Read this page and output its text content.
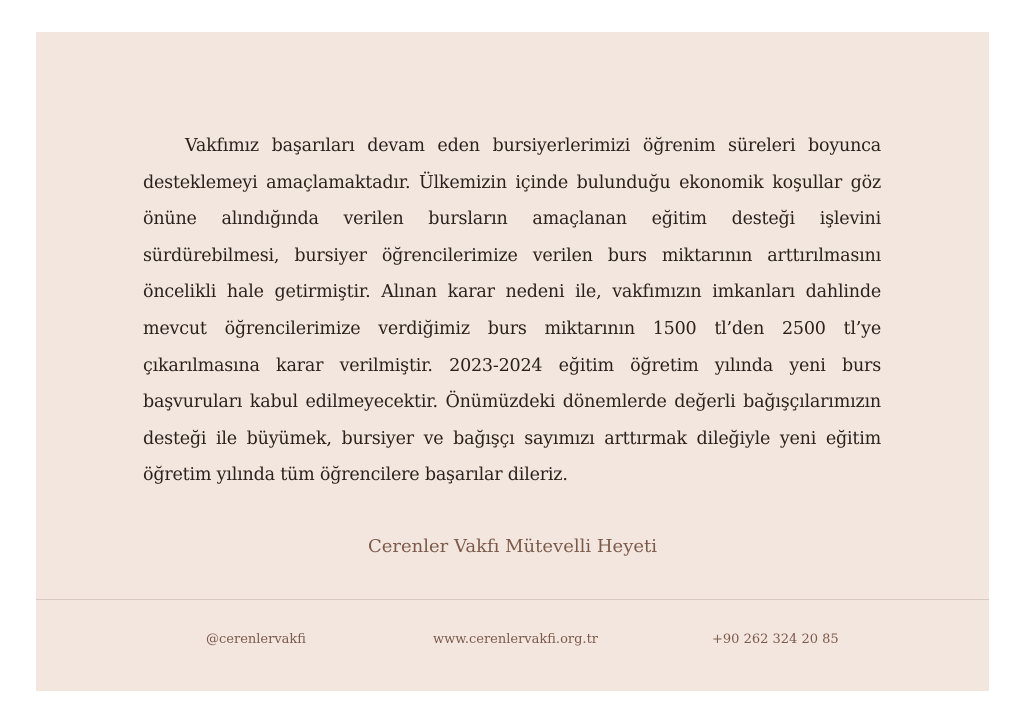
Vakfımız başarıları devam eden bursiyerlerimizi öğrenim süreleri boyunca desteklemeyi amaçlamaktadır. Ülkemizin içinde bulunduğu ekonomik koşullar göz önüne alındığında verilen bursların amaçlanan eğitim desteği işlevini sürdürebilmesi, bursiyer öğrencilerimize verilen burs miktarının arttırılmasını öncelikli hale getirmiştir. Alınan karar nedeni ile, vakfımızın imkanları dahlinde mevcut öğrencilerimize verdiğimiz burs miktarının 1500 tl’den 2500 tl’ye çıkarılmasına karar verilmiştir. 2023-2024 eğitim öğretim yılında yeni burs başvuruları kabul edilmeyecektir. Önümüzdeki dönemlerde değerli bağışçılarımızın desteği ile büyümek, bursiyer ve bağışçı sayımızı arttırmak dileğiyle yeni eğitim öğretim yılında tüm öğrencilere başarılar dileriz.

Cerenler Vakfı Mütevelli Heyeti

@cerenlervakfi	www.cerenlervakfi.org.tr	+90 262 324 20 85
